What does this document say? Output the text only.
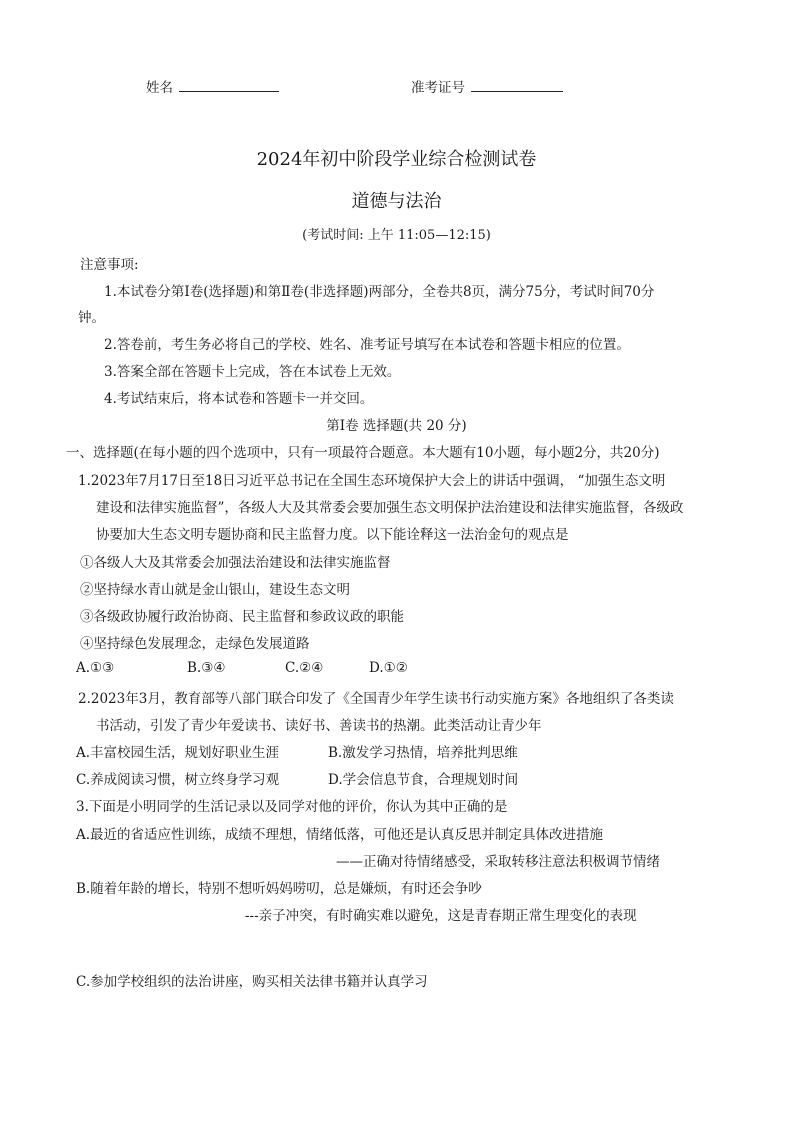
姓名	准考证号
2024年初中阶段学业综合检测试卷
道德与法治
(考试时间: 上午 11:05—12:15)
注意事项:
1.本试卷分第Ⅰ卷(选择题)和第Ⅱ卷(非选择题)两部分，全卷共8页，满分75分，考试时间70分
钟。
2.答卷前，考生务必将自己的学校、姓名、准考证号填写在本试卷和答题卡相应的位置。
3.答案全部在答题卡上完成，答在本试卷上无效。
4.考试结束后，将本试卷和答题卡一并交回。
第Ⅰ卷 选择题(共 20 分)
一、选择题(在每小题的四个选项中，只有一项最符合题意。本大题有10小题，每小题2分，共20分)
1.2023年7月17日至18日习近平总书记在全国生态环境保护大会上的讲话中强调， “加强生态文明
建设和法律实施监督”，各级人大及其常委会要加强生态文明保护法治建设和法律实施监督，各级政
协要加大生态文明专题协商和民主监督力度。以下能诠释这一法治金句的观点是
①各级人大及其常委会加强法治建设和法律实施监督
②坚持绿水青山就是金山银山，建设生态文明
③各级政协履行政治协商、民主监督和参政议政的职能
④坚持绿色发展理念，走绿色发展道路
A.①③	B.③④	C.②④	D.①②
2.2023年3月，教育部等八部门联合印发了《全国青少年学生读书行动实施方案》各地组织了各类读
书活动，引发了青少年爱读书、读好书、善读书的热潮。此类活动让青少年
A.丰富校园生活，规划好职业生涯	B.激发学习热情，培养批判思维
C.养成阅读习惯，树立终身学习观	D.学会信息节食，合理规划时间
3.下面是小明同学的生活记录以及同学对他的评价，你认为其中正确的是
A.最近的省适应性训练，成绩不理想，情绪低落，可他还是认真反思并制定具体改进措施
——正确对待情绪感受，采取转移注意法积极调节情绪
B.随着年龄的增长，特别不想听妈妈唠叨，总是嫌烦，有时还会争吵
---亲子冲突，有时确实难以避免，这是青春期正常生理变化的表现
C.参加学校组织的法治讲座，购买相关法律书籍并认真学习
